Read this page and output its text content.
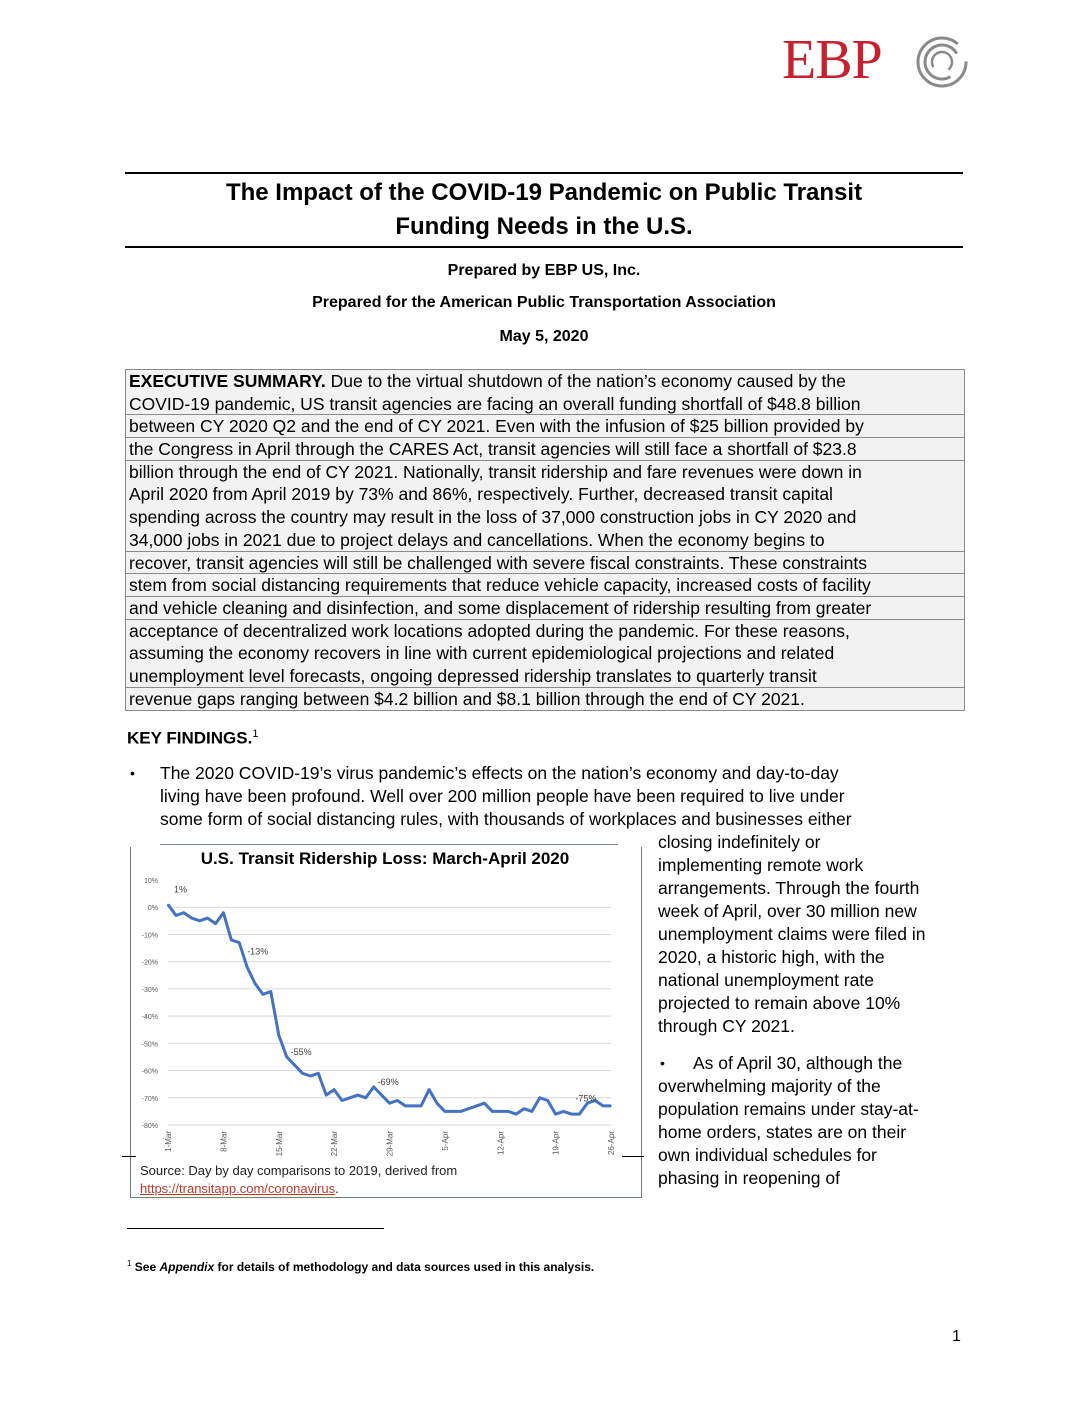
EBP
The Impact of the COVID-19 Pandemic on Public Transit
Funding Needs in the U.S.
Prepared by EBP US, Inc.
Prepared for the American Public Transportation Association
May 5, 2020
EXECUTIVE SUMMARY. Due to the virtual shutdown of the nation’s economy caused by the
COVID-19 pandemic, US transit agencies are facing an overall funding shortfall of $48.8 billion
between CY 2020 Q2 and the end of CY 2021. Even with the infusion of $25 billion provided by
the Congress in April through the CARES Act, transit agencies will still face a shortfall of $23.8
billion through the end of CY 2021. Nationally, transit ridership and fare revenues were down in
April 2020 from April 2019 by 73% and 86%, respectively. Further, decreased transit capital
spending across the country may result in the loss of 37,000 construction jobs in CY 2020 and
34,000 jobs in 2021 due to project delays and cancellations. When the economy begins to
recover, transit agencies will still be challenged with severe fiscal constraints. These constraints
stem from social distancing requirements that reduce vehicle capacity, increased costs of facility
and vehicle cleaning and disinfection, and some displacement of ridership resulting from greater
acceptance of decentralized work locations adopted during the pandemic. For these reasons,
assuming the economy recovers in line with current epidemiological projections and related
unemployment level forecasts, ongoing depressed ridership translates to quarterly transit
revenue gaps ranging between $4.2 billion and $8.1 billion through the end of CY 2021.
KEY FINDINGS.$^1$
• The 2020 COVID-19’s virus pandemic’s effects on the nation’s economy and day-to-day
living have been profound. Well over 200 million people have been required to live under
some form of social distancing rules, with thousands of workplaces and businesses either
closing indefinitely or
implementing remote work
arrangements. Through the fourth
week of April, over 30 million new
unemployment claims were filed in
2020, a historic high, with the
national unemployment rate
projected to remain above 10%
through CY 2021.
•	As of April 30, although the
overwhelming majority of the
population remains under stay-at-
home orders, states are on their
own individual schedules for
phasing in reopening of
U.S. Transit Ridership Loss: March-April 2020
10%
0%
-10%
-20%
-30%
-40%
-50%
-60%
-70%
-80%
1-Mar	8-Mar	15-Mar	22-Mar	29-Mar	5-Apr	12-Apr	19-Apr	26-Apr
1%
-13%
-55%
-69%
-75%
Source: Day by day comparisons to 2019, derived from
https://transitapp.com/coronavirus.
$^1$ See Appendix for details of methodology and data sources used in this analysis.
1
